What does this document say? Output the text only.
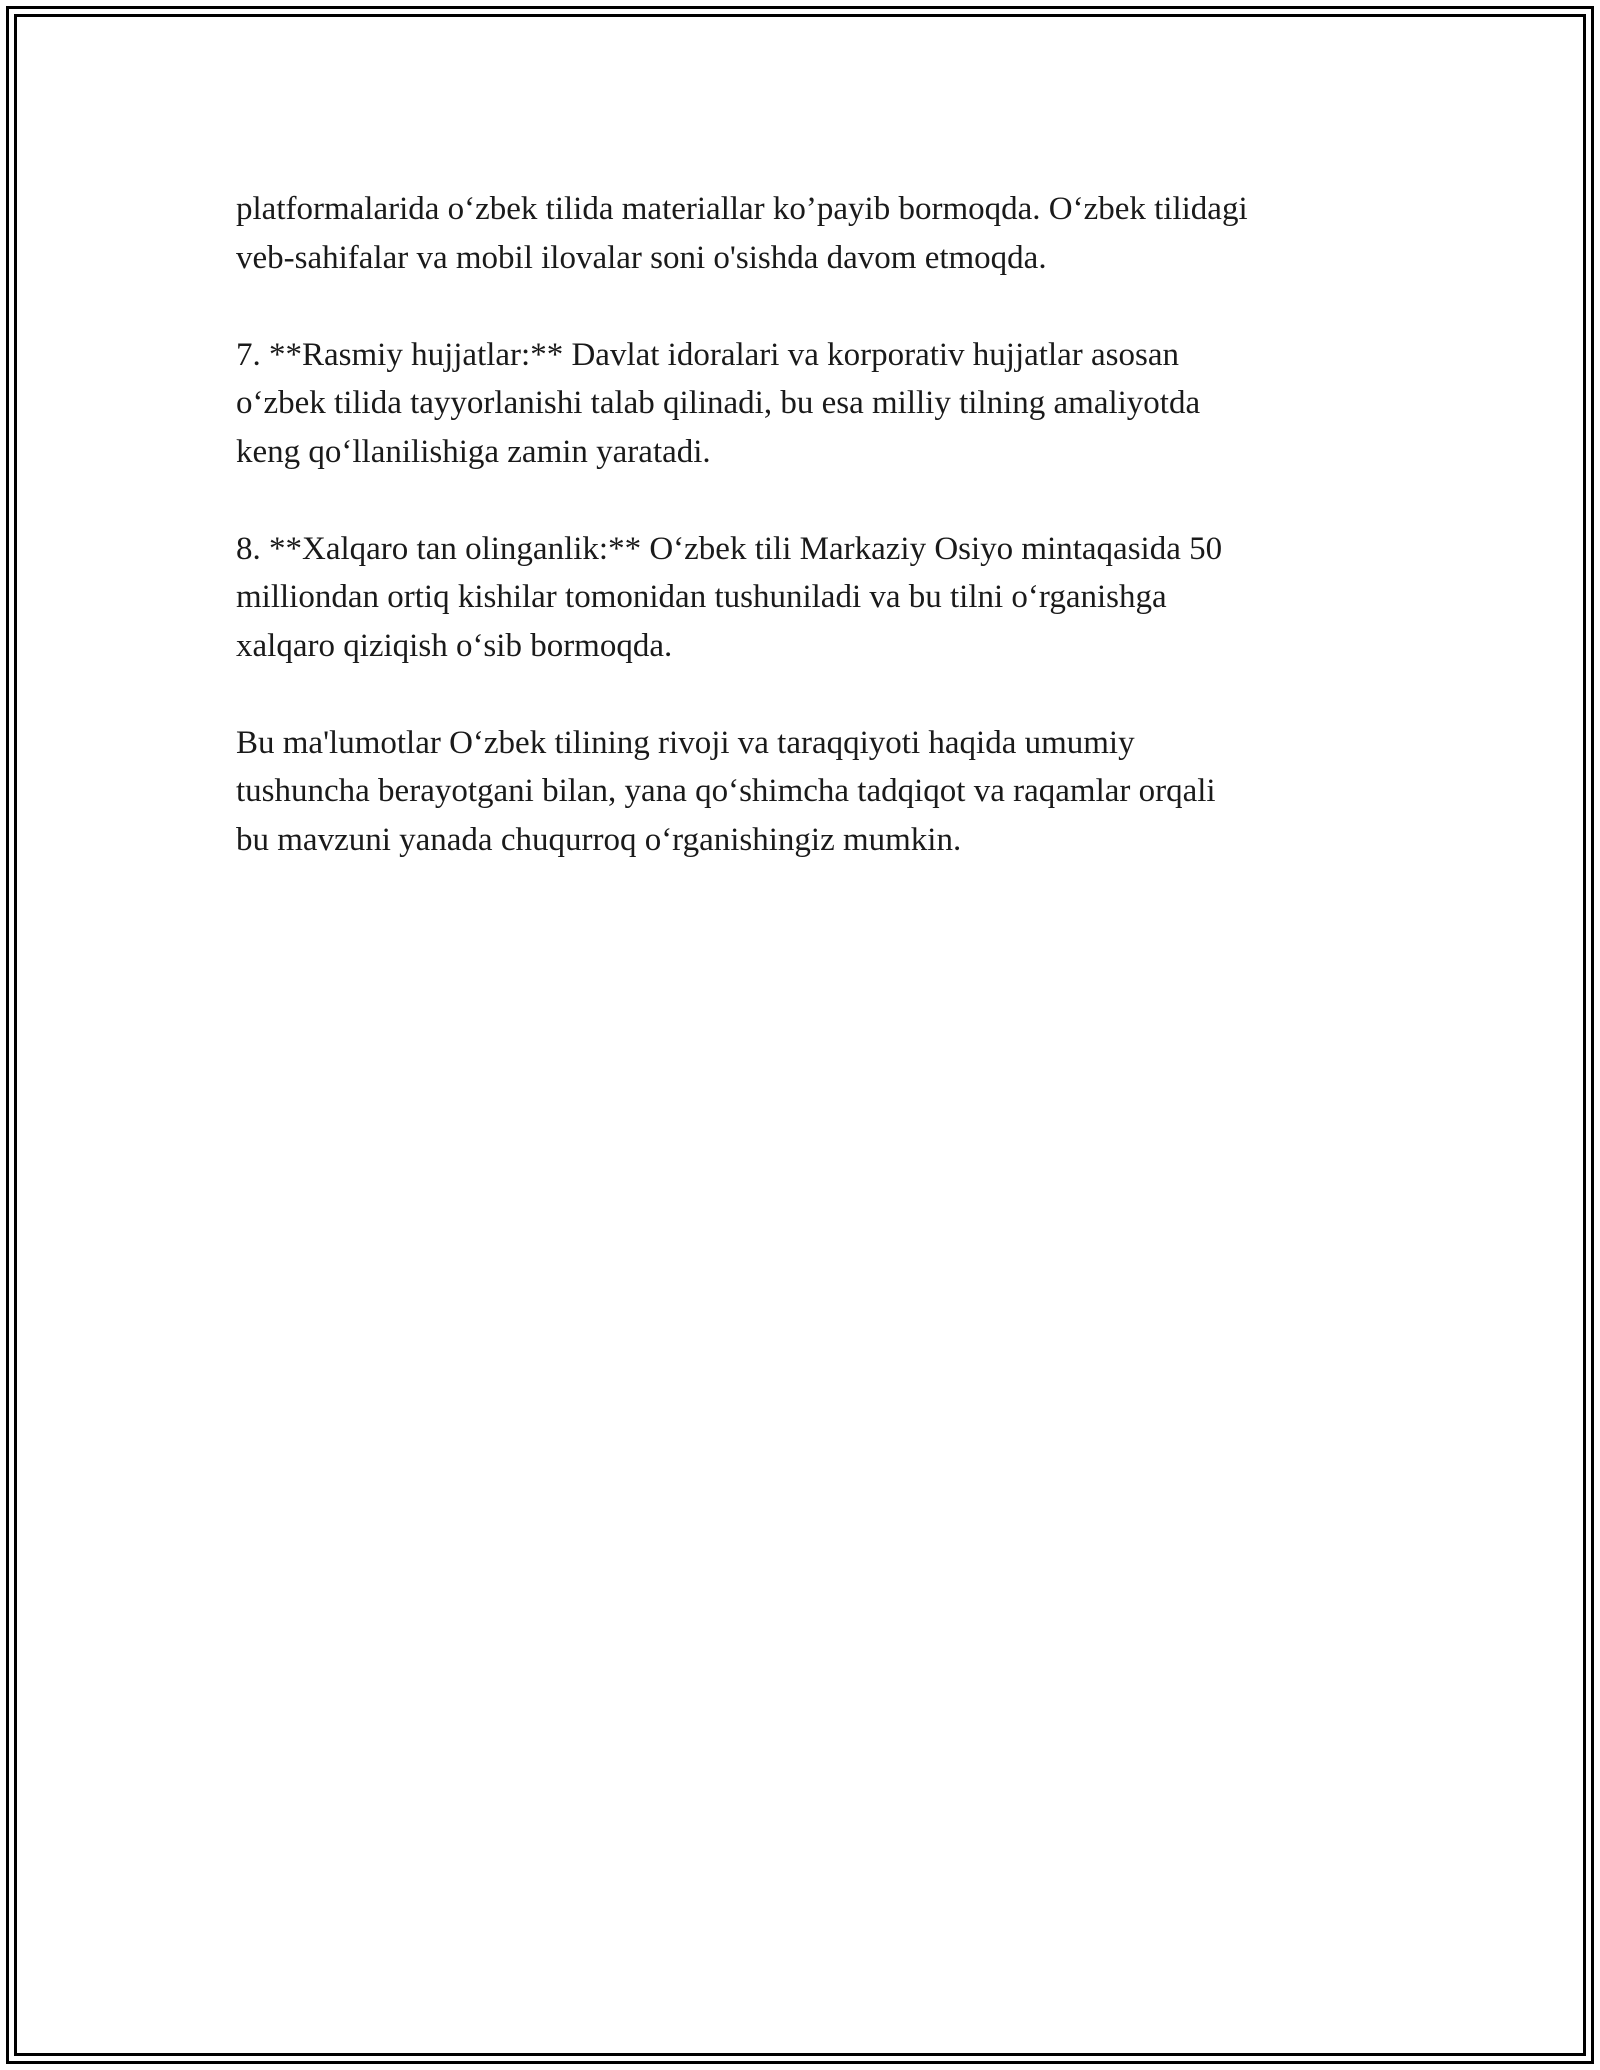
platformalarida o‘zbek tilida materiallar ko’payib bormoqda. O‘zbek tilidagi
veb-sahifalar va mobil ilovalar soni o'sishda davom etmoqda.

7. **Rasmiy hujjatlar:** Davlat idoralari va korporativ hujjatlar asosan
o‘zbek tilida tayyorlanishi talab qilinadi, bu esa milliy tilning amaliyotda
keng qo‘llanilishiga zamin yaratadi.

8. **Xalqaro tan olinganlik:** O‘zbek tili Markaziy Osiyo mintaqasida 50
milliondan ortiq kishilar tomonidan tushuniladi va bu tilni o‘rganishga
xalqaro qiziqish o‘sib bormoqda.

Bu ma'lumotlar O‘zbek tilining rivoji va taraqqiyoti haqida umumiy
tushuncha berayotgani bilan, yana qo‘shimcha tadqiqot va raqamlar orqali
bu mavzuni yanada chuqurroq o‘rganishingiz mumkin.
